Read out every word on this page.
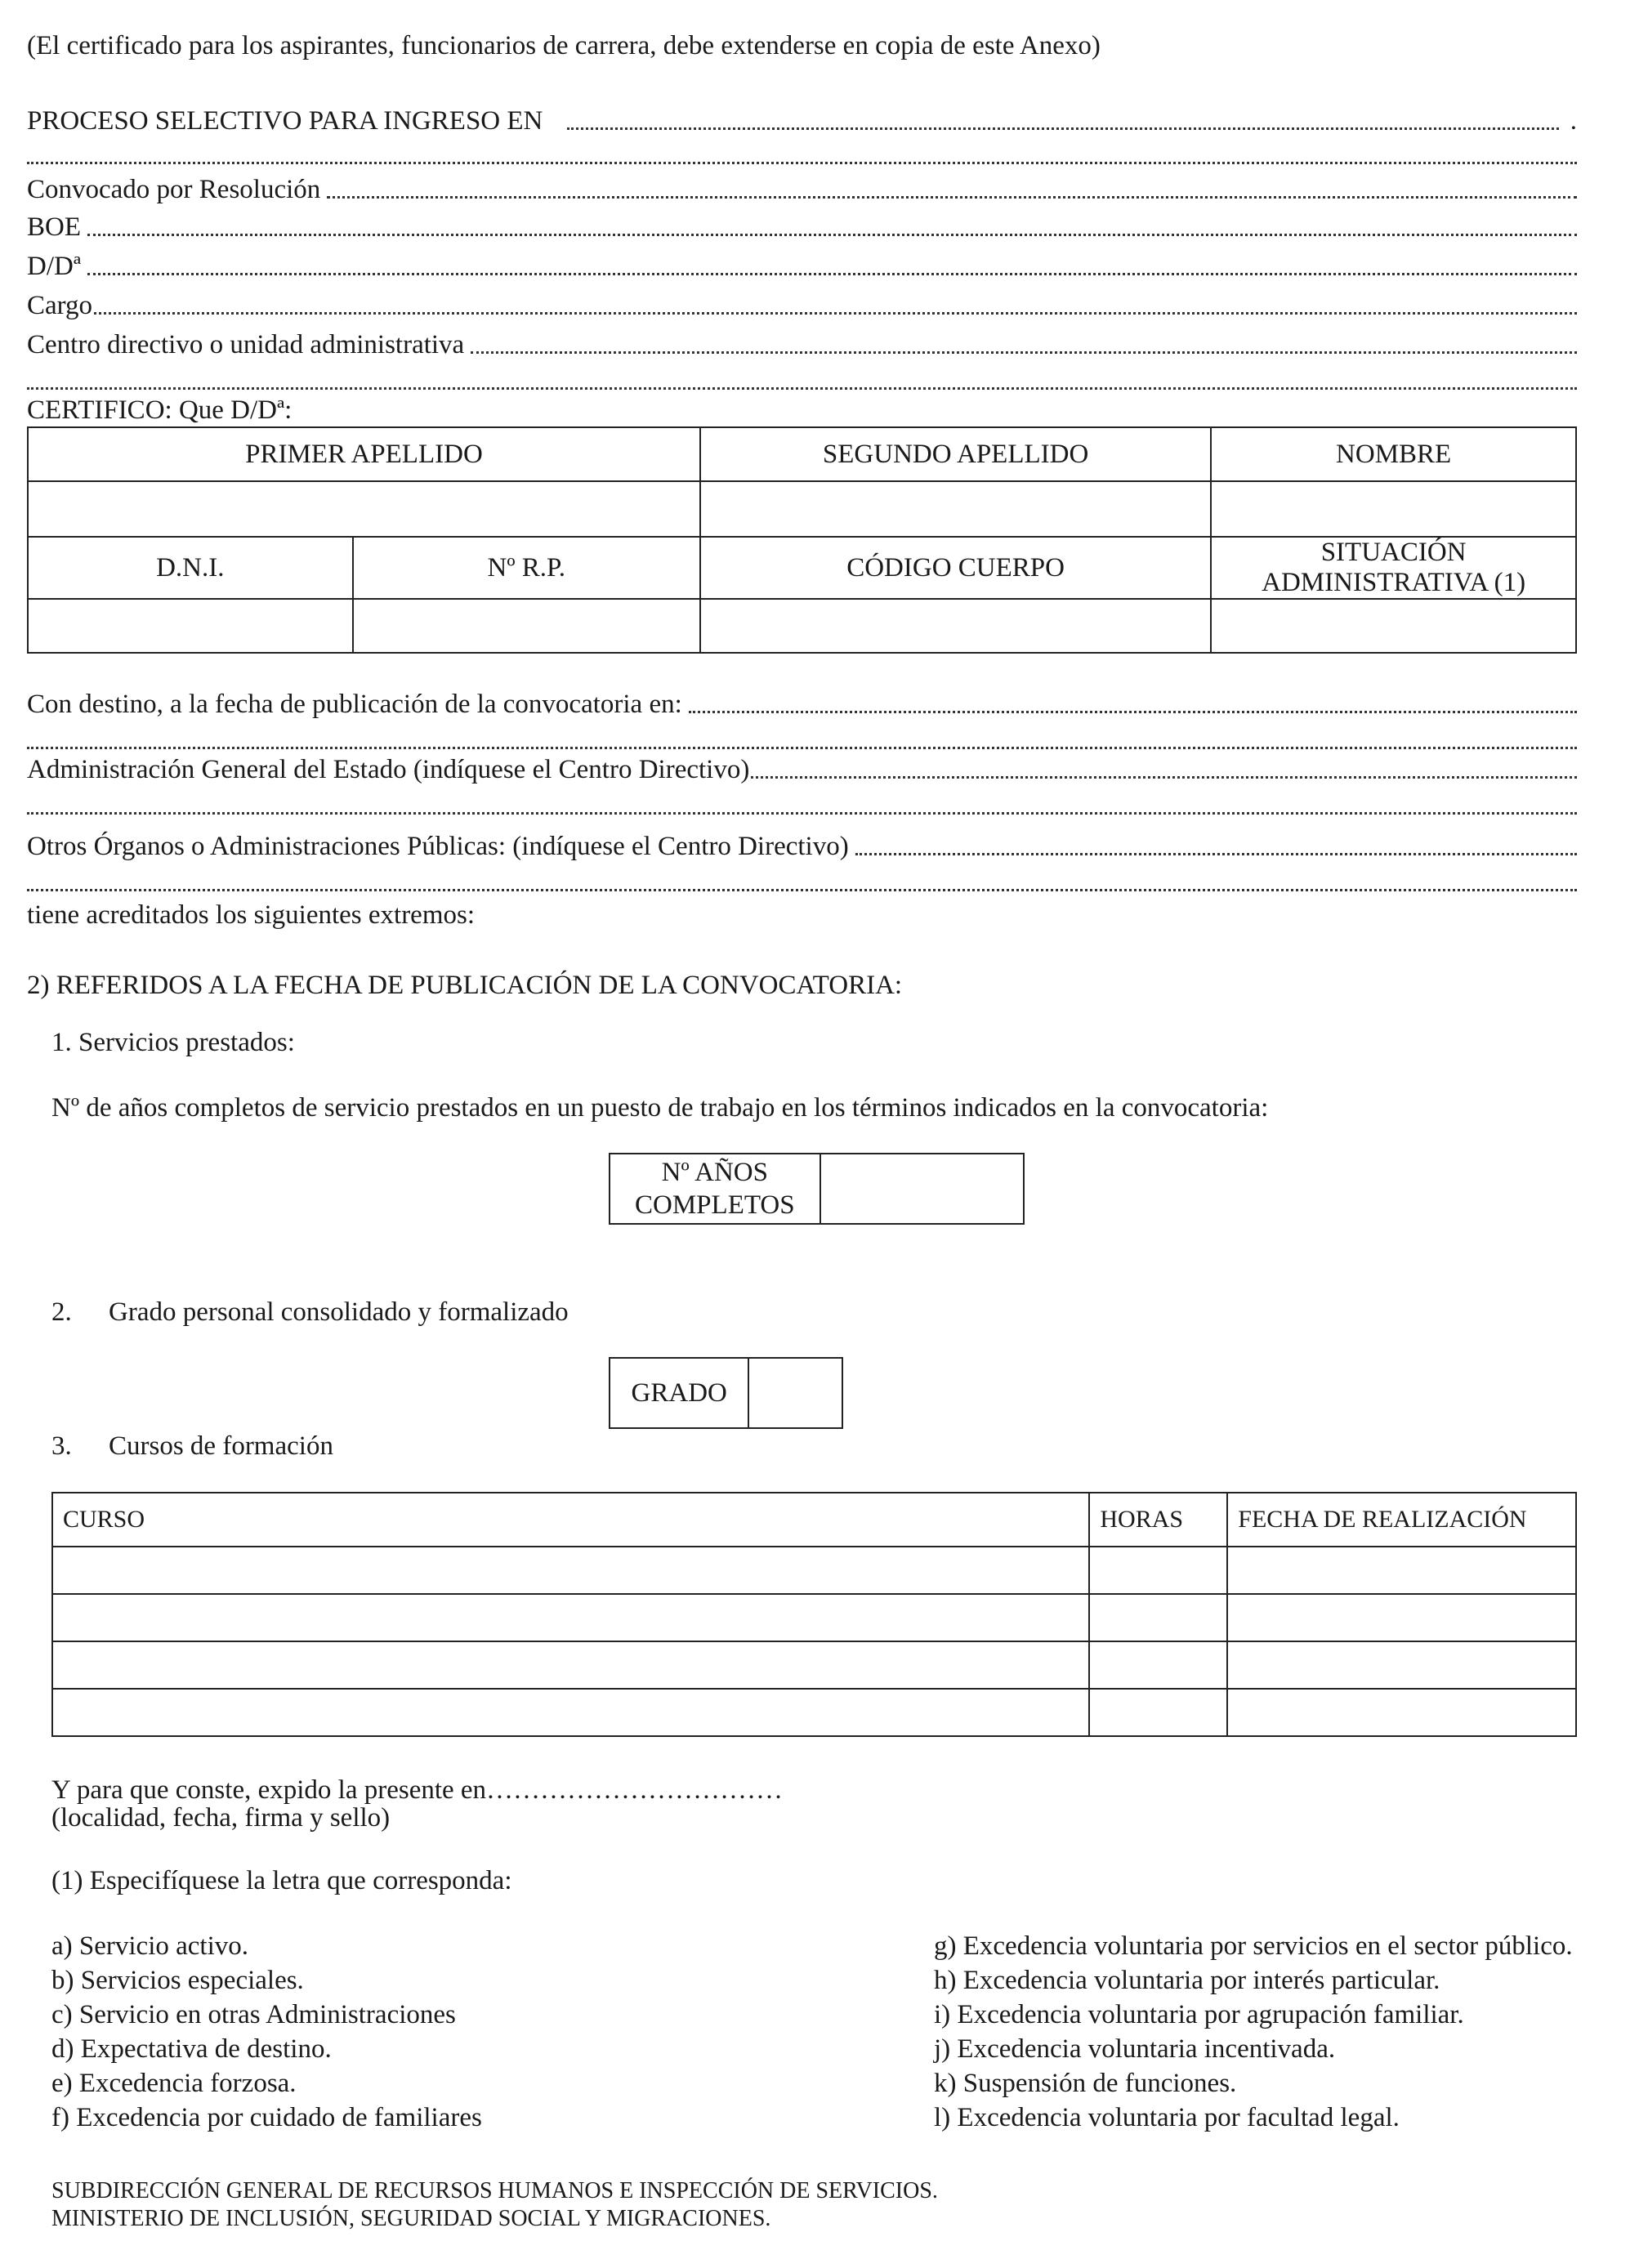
(El certificado para los aspirantes, funcionarios de carrera, debe extenderse en copia de este Anexo)
PROCESO SELECTIVO PARA INGRESO EN	.
Convocado por Resolución
BOE
D/Dª
Cargo
Centro directivo o unidad administrativa
CERTIFICO: Que D/Dª:
PRIMER APELLIDO		SEGUNDO APELLIDO	NOMBRE

D.N.I.	Nº R.P.	CÓDIGO CUERPO	SITUACIÓN ADMINISTRATIVA (1)

Con destino, a la fecha de publicación de la convocatoria en:
Administración General del Estado (indíquese el Centro Directivo)
Otros Órganos o Administraciones Públicas: (indíquese el Centro Directivo)
tiene acreditados los siguientes extremos:
2) REFERIDOS A LA FECHA DE PUBLICACIÓN DE LA CONVOCATORIA:
1. Servicios prestados:
Nº de años completos de servicio prestados en un puesto de trabajo en los términos indicados en la convocatoria:
Nº AÑOS
COMPLETOS

2. Grado personal consolidado y formalizado
GRADO	
3. Cursos de formación
CURSO	HORAS	FECHA DE REALIZACIÓN

Y para que conste, expido la presente en……………………………
(localidad, fecha, firma y sello)
(1) Especifíquese la letra que corresponda:
a) Servicio activo.
b) Servicios especiales.
c) Servicio en otras Administraciones
d) Expectativa de destino.
e) Excedencia forzosa.
f) Excedencia por cuidado de familiares
g) Excedencia voluntaria por servicios en el sector público.
h) Excedencia voluntaria por interés particular.
i) Excedencia voluntaria por agrupación familiar.
j) Excedencia voluntaria incentivada.
k) Suspensión de funciones.
l) Excedencia voluntaria por facultad legal.
SUBDIRECCIÓN GENERAL DE RECURSOS HUMANOS E INSPECCIÓN DE SERVICIOS.
MINISTERIO DE INCLUSIÓN, SEGURIDAD SOCIAL Y MIGRACIONES.
